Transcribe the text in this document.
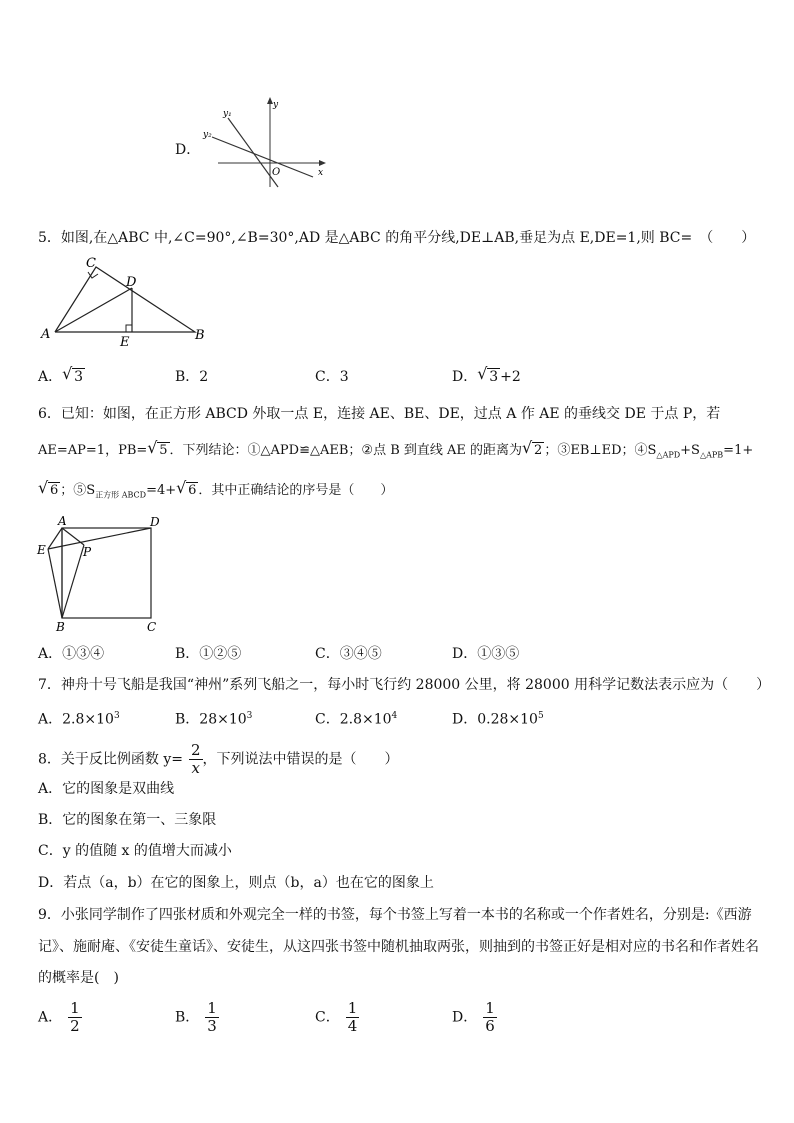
D．
y₁
y₂
y
x
O
5．如图,在△ABC 中,∠C=90°,∠B=30°,AD 是△ABC 的角平分线,DE⊥AB,垂足为点 E,DE=1,则 BC=　（　　）
C
D
A	B
E
A．√ 3	B．2	C．3	D．√ 3 +2
6．已知：如图，在正方形 ABCD 外取一点 E，连接 AE、BE、DE，过点 A 作 AE 的垂线交 DE 于点 P，若
AE=AP=1，PB=√ 5 ．下列结论：①△APD≌△AEB；②点 B 到直线 AE 的距离为√ 2 ；③EB⊥ED；$④S_{\triangle APD}+S_{\triangle APB}=1+$
√ 6 ；$⑤S_{正方形 ABCD}=4+√$ 6 ．其中正确结论的序号是（　　）
A	D
E	P
B	C
A．①③④	B．①②⑤	C．③④⑤	D．①③⑤
7．神舟十号飞船是我国“神州”系列飞船之一，每小时飞行约 28000 公里，将 28000 用科学记数法表示应为（　　）
A．$2.8\times 10^3$	B．$28\times 10^3$	C．$2.8\times 10^4$	D．$0.28\times 10^5$
8．关于反比例函数 $y= \frac{2}{x}$ ，下列说法中错误的是（　　）
A．它的图象是双曲线
B．它的图象在第一、三象限
C．y 的值随 x 的值增大而减小
D．若点（a，b）在它的图象上，则点（b，a）也在它的图象上
9．小张同学制作了四张材质和外观完全一样的书签，每个书签上写着一本书的名称或一个作者姓名，分别是:《西游
记》、施耐庵、《安徒生童话》、安徒生，从这四张书签中随机抽取两张，则抽到的书签正好是相对应的书名和作者姓名
的概率是(　)
A． $\frac{1}{2}$	B． $\frac{1}{3}$	C． $\frac{1}{4}$	D． $\frac{1}{6}$
